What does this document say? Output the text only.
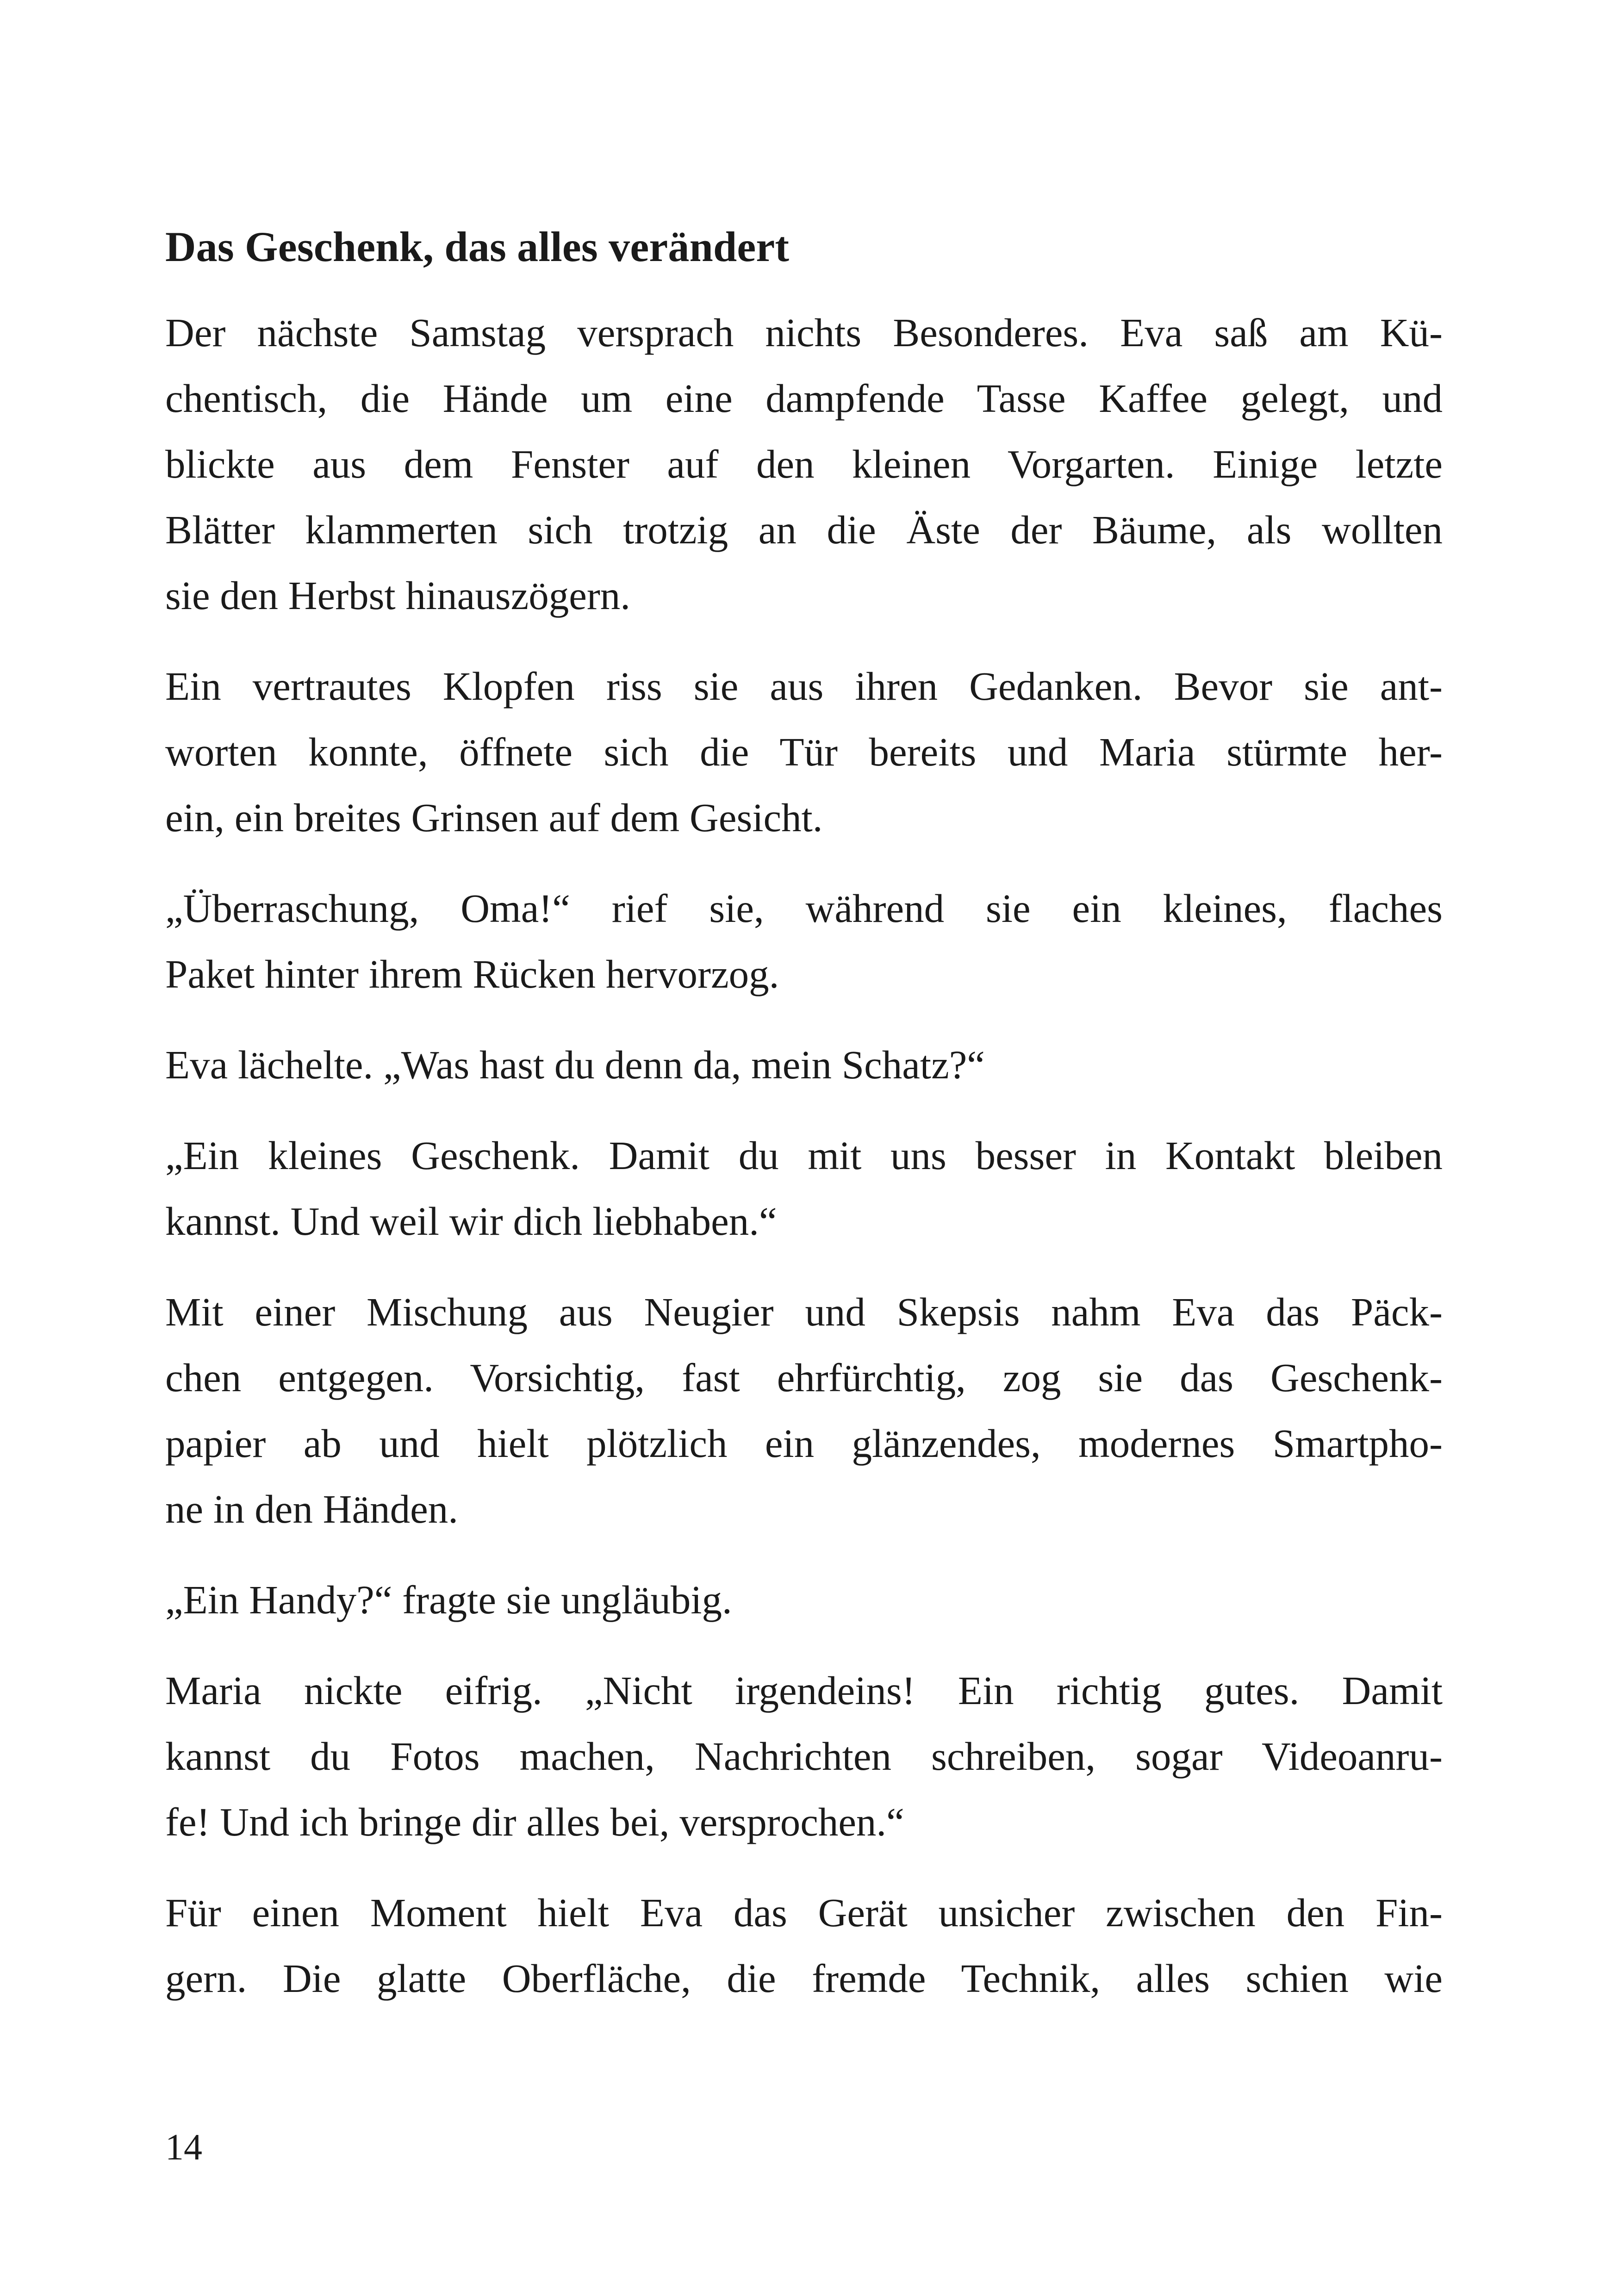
Das Geschenk, das alles verändert

Der nächste Samstag versprach nichts Besonderes. Eva saß am Kü-
chentisch, die Hände um eine dampfende Tasse Kaffee gelegt, und
blickte aus dem Fenster auf den kleinen Vorgarten. Einige letzte
Blätter klammerten sich trotzig an die Äste der Bäume, als wollten
sie den Herbst hinauszögern.

Ein vertrautes Klopfen riss sie aus ihren Gedanken. Bevor sie ant-
worten konnte, öffnete sich die Tür bereits und Maria stürmte her-
ein, ein breites Grinsen auf dem Gesicht.

„Überraschung, Oma!“ rief sie, während sie ein kleines, flaches
Paket hinter ihrem Rücken hervorzog.

Eva lächelte. „Was hast du denn da, mein Schatz?“

„Ein kleines Geschenk. Damit du mit uns besser in Kontakt bleiben
kannst. Und weil wir dich liebhaben.“

Mit einer Mischung aus Neugier und Skepsis nahm Eva das Päck-
chen entgegen. Vorsichtig, fast ehrfürchtig, zog sie das Geschenk-
papier ab und hielt plötzlich ein glänzendes, modernes Smartpho-
ne in den Händen.

„Ein Handy?“ fragte sie ungläubig.

Maria nickte eifrig. „Nicht irgendeins! Ein richtig gutes. Damit
kannst du Fotos machen, Nachrichten schreiben, sogar Videoanru-
fe! Und ich bringe dir alles bei, versprochen.“

Für einen Moment hielt Eva das Gerät unsicher zwischen den Fin-
gern. Die glatte Oberfläche, die fremde Technik, alles schien wie

14
